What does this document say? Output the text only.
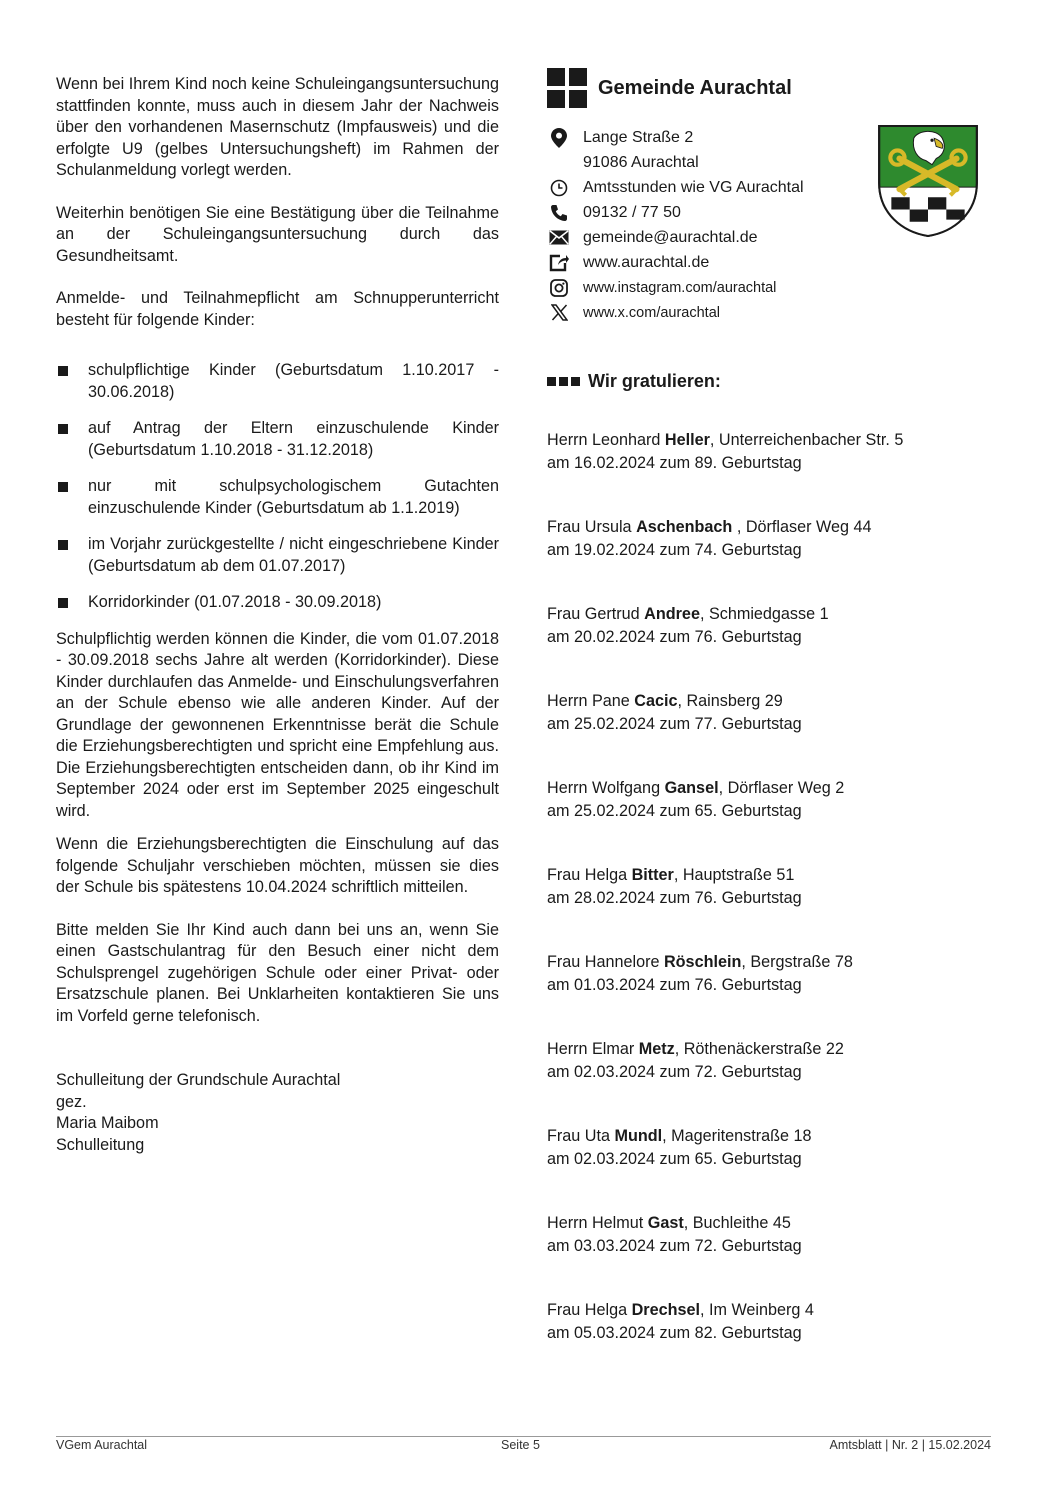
Wenn bei Ihrem Kind noch keine Schuleingangsuntersuchung stattfinden konnte, muss auch in diesem Jahr der Nachweis über den vorhandenen Masernschutz (Impfausweis) und die erfolgte U9 (gelbes Untersuchungsheft) im Rahmen der Schulanmeldung vorlegt werden.

Weiterhin benötigen Sie eine Bestätigung über die Teilnahme an der Schuleingangsuntersuchung durch das Gesundheitsamt.

Anmelde- und Teilnahmepflicht am Schnupperunterricht besteht für folgende Kinder:

schulpflichtige Kinder (Geburtsdatum 1.10.2017 - 30.06.2018)
auf Antrag der Eltern einzuschulende Kinder (Geburtsdatum 1.10.2018 - 31.12.2018)
nur mit schulpsychologischem Gutachten einzuschulende Kinder (Geburtsdatum ab 1.1.2019)
im Vorjahr zurückgestellte / nicht eingeschriebene Kinder (Geburtsdatum ab dem 01.07.2017)
Korridorkinder (01.07.2018 - 30.09.2018)

Schulpflichtig werden können die Kinder, die vom 01.07.2018 - 30.09.2018 sechs Jahre alt werden (Korridorkinder). Diese Kinder durchlaufen das Anmelde- und Einschulungsverfahren an der Schule ebenso wie alle anderen Kinder. Auf der Grundlage der gewonnenen Erkenntnisse berät die Schule die Erziehungsberechtigten und spricht eine Empfehlung aus. Die Erziehungsberechtigten entscheiden dann, ob ihr Kind im September 2024 oder erst im September 2025 eingeschult wird.

Wenn die Erziehungsberechtigten die Einschulung auf das folgende Schuljahr verschieben möchten, müssen sie dies der Schule bis spätestens 10.04.2024 schriftlich mitteilen.

Bitte melden Sie Ihr Kind auch dann bei uns an, wenn Sie einen Gastschulantrag für den Besuch einer nicht dem Schulsprengel zugehörigen Schule oder einer Privat- oder Ersatzschule planen. Bei Unklarheiten kontaktieren Sie uns im Vorfeld gerne telefonisch.

Schulleitung der Grundschule Aurachtal
gez.
Maria Maibom
Schulleitung
Gemeinde Aurachtal
Lange Straße 2
91086 Aurachtal
Amtsstunden wie VG Aurachtal
09132 / 77 50
gemeinde@aurachtal.de
www.aurachtal.de
www.instagram.com/aurachtal
www.x.com/aurachtal
Wir gratulieren:
Herrn Leonhard Heller, Unterreichenbacher Str. 5
am 16.02.2024 zum 89. Geburtstag
Frau Ursula Aschenbach , Dörflaser Weg 44
am 19.02.2024 zum 74. Geburtstag
Frau Gertrud Andree, Schmiedgasse 1
am 20.02.2024 zum 76. Geburtstag
Herrn Pane Cacic, Rainsberg 29
am 25.02.2024 zum 77. Geburtstag
Herrn Wolfgang Gansel, Dörflaser Weg 2
am 25.02.2024 zum 65. Geburtstag
Frau Helga Bitter, Hauptstraße 51
am 28.02.2024 zum 76. Geburtstag
Frau Hannelore Röschlein, Bergstraße 78
am 01.03.2024 zum 76. Geburtstag
Herrn Elmar Metz, Röthenäckerstraße 22
am 02.03.2024 zum 72. Geburtstag
Frau Uta Mundl, Mageritenstraße 18
am 02.03.2024 zum 65. Geburtstag
Herrn Helmut Gast, Buchleithe 45
am 03.03.2024 zum 72. Geburtstag
Frau Helga Drechsel, Im Weinberg 4
am 05.03.2024 zum 82. Geburtstag
VGem Aurachtal	Seite 5	Amtsblatt | Nr. 2 | 15.02.2024
